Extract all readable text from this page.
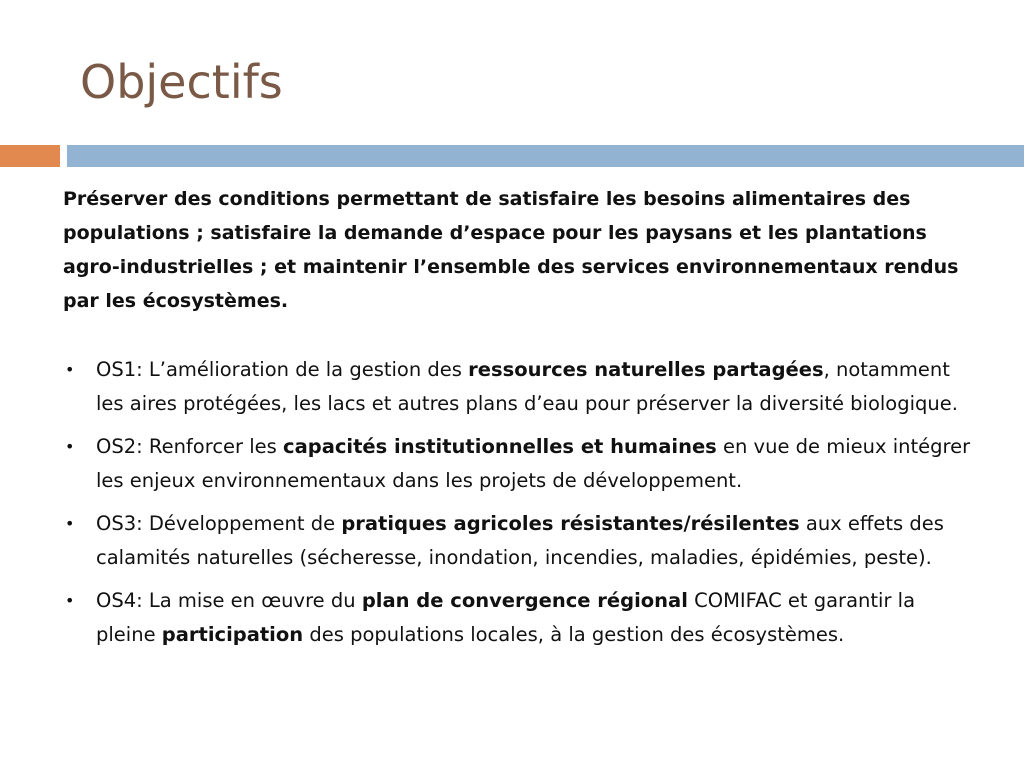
Objectifs

Préserver des conditions permettant de satisfaire les besoins alimentaires des populations ; satisfaire la demande d’espace pour les paysans et les plantations agro-industrielles ; et maintenir l’ensemble des services environnementaux rendus par les écosystèmes.

• OS1: L’amélioration de la gestion des ressources naturelles partagées, notamment les aires protégées, les lacs et autres plans d’eau pour préserver la diversité biologique.
• OS2: Renforcer les capacités institutionnelles et humaines en vue de mieux intégrer les enjeux environnementaux dans les projets de développement.
• OS3: Développement de pratiques agricoles résistantes/résilentes aux effets des calamités naturelles (sécheresse, inondation, incendies, maladies, épidémies, peste).
• OS4: La mise en œuvre du plan de convergence régional COMIFAC et garantir la pleine participation des populations locales, à la gestion des écosystèmes.
